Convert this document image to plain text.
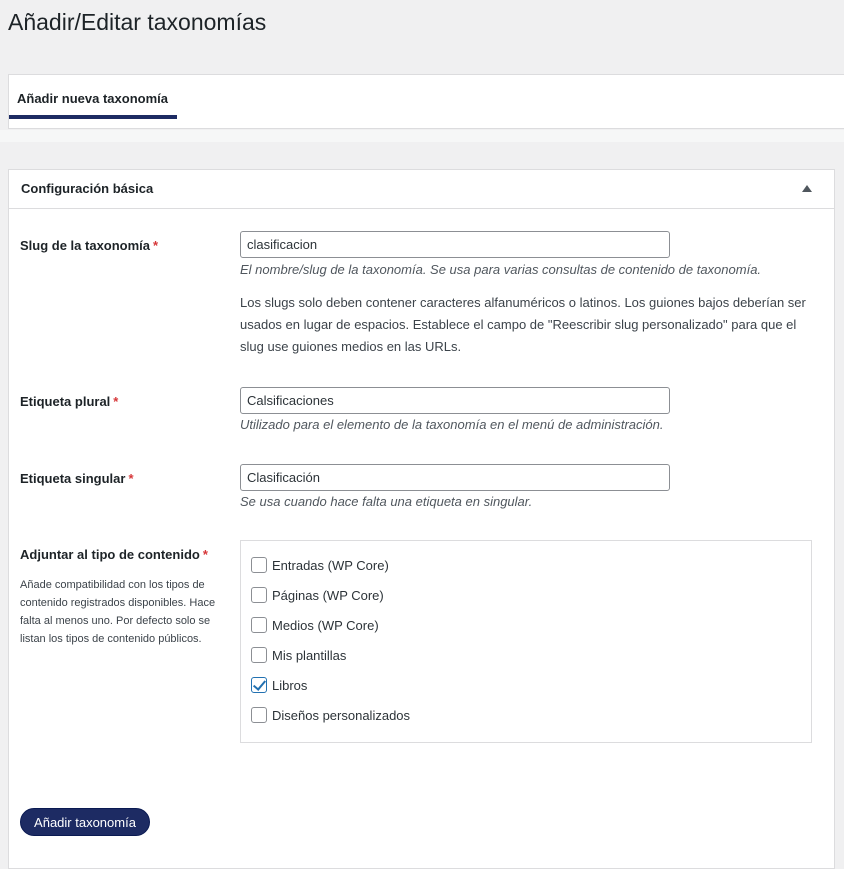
Añadir/Editar taxonomías
Añadir nueva taxonomía
Configuración básica
Slug de la taxonomía *
clasificacion
El nombre/slug de la taxonomía. Se usa para varias consultas de contenido de taxonomía.

Los slugs solo deben contener caracteres alfanuméricos o latinos. Los guiones bajos deberían ser usados en lugar de espacios. Establece el campo de "Reescribir slug personalizado" para que el slug use guiones medios en las URLs.

Etiqueta plural *
Calsificaciones
Utilizado para el elemento de la taxonomía en el menú de administración.
Etiqueta singular *
Clasificación
Se usa cuando hace falta una etiqueta en singular.
Adjuntar al tipo de contenido *

Añade compatibilidad con los tipos de contenido registrados disponibles. Hace falta al menos uno. Por defecto solo se listan los tipos de contenido públicos.

Entradas (WP Core)
Páginas (WP Core)
Medios (WP Core)
Mis plantillas
Libros
Diseños personalizados
Añadir taxonomía
